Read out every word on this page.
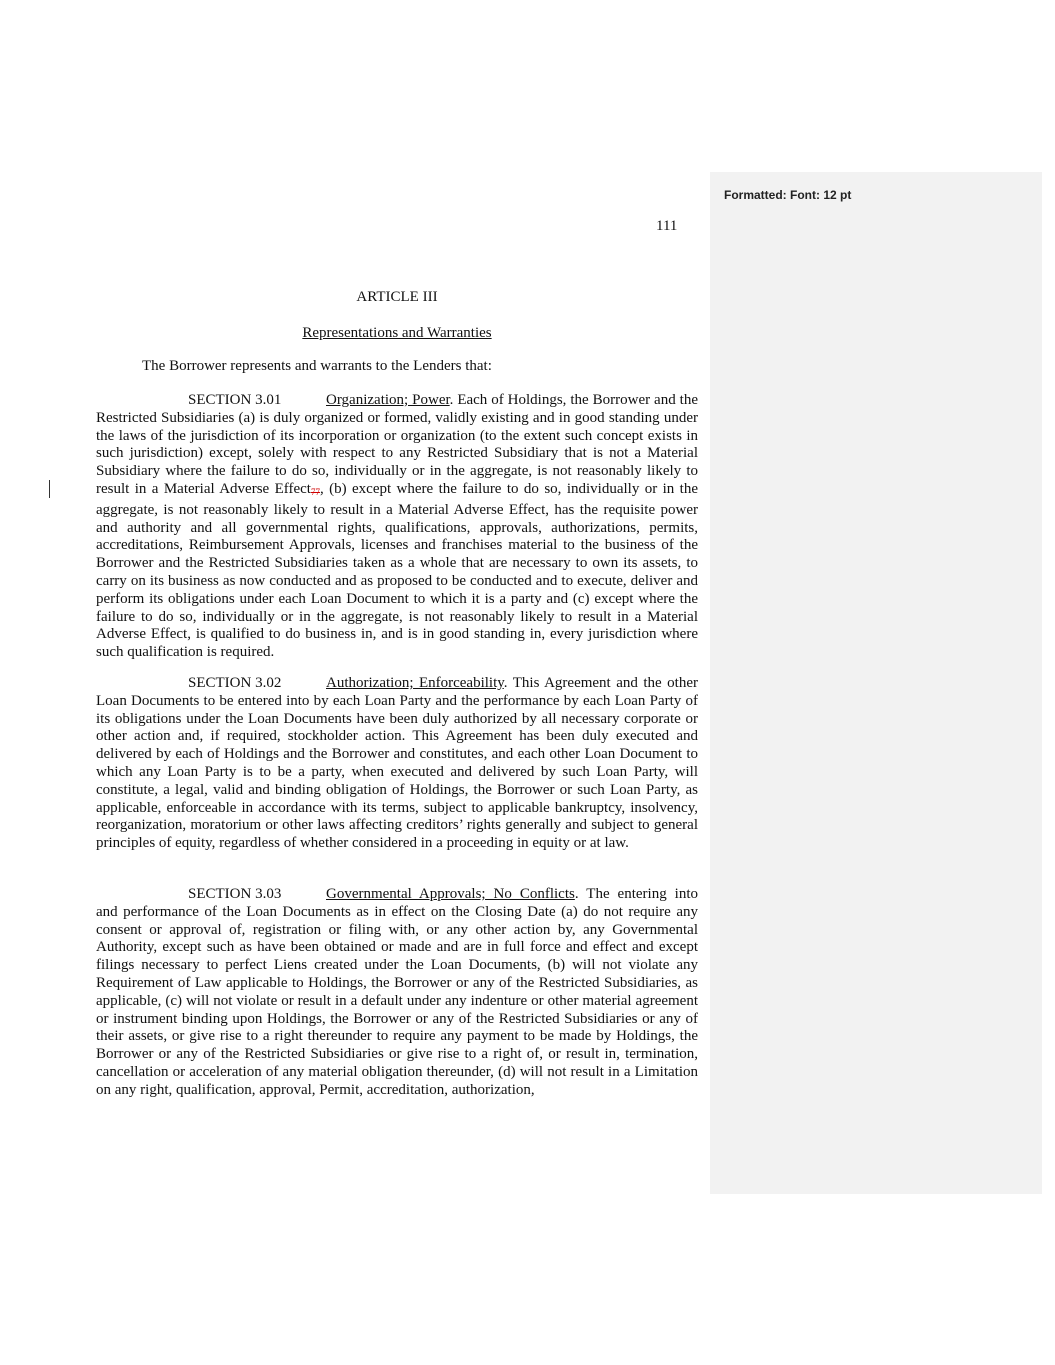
Formatted: Font: 12 pt
111
ARTICLE III
Representations and Warranties
The Borrower represents and warrants to the Lenders that:
SECTION 3.01	Organization; Power. Each of Holdings, the Borrower and the Restricted Subsidiaries (a) is duly organized or formed, validly existing and in good standing under the laws of the jurisdiction of its incorporation or organization (to the extent such concept exists in such jurisdiction) except, solely with respect to any Restricted Subsidiary that is not a Material Subsidiary where the failure to do so, individually or in the aggregate, is not reasonably likely to result in a Material Adverse Effect77, (b) except where the failure to do so, individually or in the aggregate, is not reasonably likely to result in a Material Adverse Effect, has the requisite power and authority and all governmental rights, qualifications, approvals, authorizations, permits, accreditations, Reimbursement Approvals, licenses and franchises material to the business of the Borrower and the Restricted Subsidiaries taken as a whole that are necessary to own its assets, to carry on its business as now conducted and as proposed to be conducted and to execute, deliver and perform its obligations under each Loan Document to which it is a party and (c) except where the failure to do so, individually or in the aggregate, is not reasonably likely to result in a Material Adverse Effect, is qualified to do business in, and is in good standing in, every jurisdiction where such qualification is required.
SECTION 3.02	Authorization; Enforceability. This Agreement and the other Loan Documents to be entered into by each Loan Party and the performance by each Loan Party of its obligations under the Loan Documents have been duly authorized by all necessary corporate or other action and, if required, stockholder action. This Agreement has been duly executed and delivered by each of Holdings and the Borrower and constitutes, and each other Loan Document to which any Loan Party is to be a party, when executed and delivered by such Loan Party, will constitute, a legal, valid and binding obligation of Holdings, the Borrower or such Loan Party, as applicable, enforceable in accordance with its terms, subject to applicable bankruptcy, insolvency, reorganization, moratorium or other laws affecting creditors’ rights generally and subject to general principles of equity, regardless of whether considered in a proceeding in equity or at law.
SECTION 3.03	Governmental Approvals; No Conflicts. The entering into and performance of the Loan Documents as in effect on the Closing Date (a) do not require any consent or approval of, registration or filing with, or any other action by, any Governmental Authority, except such as have been obtained or made and are in full force and effect and except filings necessary to perfect Liens created under the Loan Documents, (b) will not violate any Requirement of Law applicable to Holdings, the Borrower or any of the Restricted Subsidiaries, as applicable, (c) will not violate or result in a default under any indenture or other material agreement or instrument binding upon Holdings, the Borrower or any of the Restricted Subsidiaries or any of their assets, or give rise to a right thereunder to require any payment to be made by Holdings, the Borrower or any of the Restricted Subsidiaries or give rise to a right of, or result in, termination, cancellation or acceleration of any material obligation thereunder, (d) will not result in a Limitation on any right, qualification, approval, Permit, accreditation, authorization,
